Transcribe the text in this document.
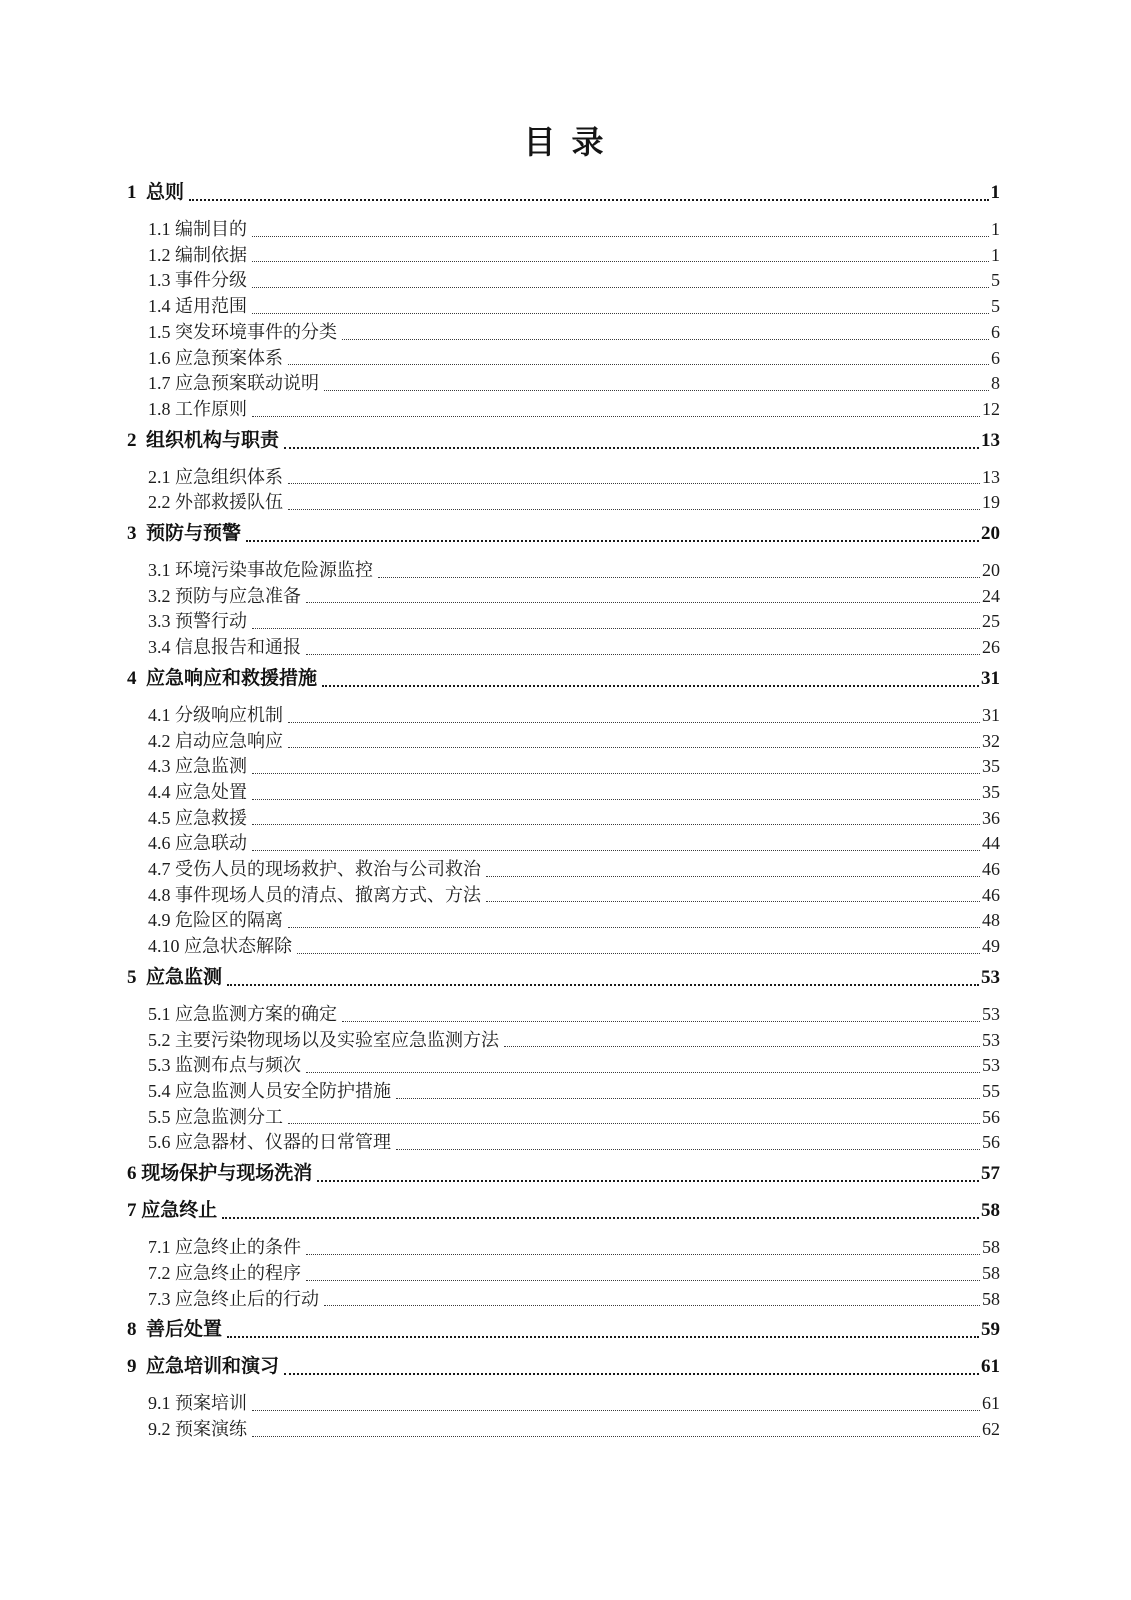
目  录
1  总则	1
1.1 编制目的	1
1.2 编制依据	1
1.3 事件分级	5
1.4 适用范围	5
1.5 突发环境事件的分类	6
1.6 应急预案体系	6
1.7 应急预案联动说明	8
1.8 工作原则	12
2  组织机构与职责	13
2.1 应急组织体系	13
2.2 外部救援队伍	19
3  预防与预警	20
3.1 环境污染事故危险源监控	20
3.2 预防与应急准备	24
3.3 预警行动	25
3.4 信息报告和通报	26
4  应急响应和救援措施	31
4.1 分级响应机制	31
4.2 启动应急响应	32
4.3 应急监测	35
4.4 应急处置	35
4.5 应急救援	36
4.6 应急联动	44
4.7 受伤人员的现场救护、救治与公司救治	46
4.8 事件现场人员的清点、撤离方式、方法	46
4.9 危险区的隔离	48
4.10 应急状态解除	49
5  应急监测	53
5.1 应急监测方案的确定	53
5.2 主要污染物现场以及实验室应急监测方法	53
5.3 监测布点与频次	53
5.4 应急监测人员安全防护措施	55
5.5 应急监测分工	56
5.6 应急器材、仪器的日常管理	56
6 现场保护与现场洗消	57
7 应急终止	58
7.1 应急终止的条件	58
7.2 应急终止的程序	58
7.3 应急终止后的行动	58
8  善后处置	59
9  应急培训和演习	61
9.1 预案培训	61
9.2 预案演练	62
